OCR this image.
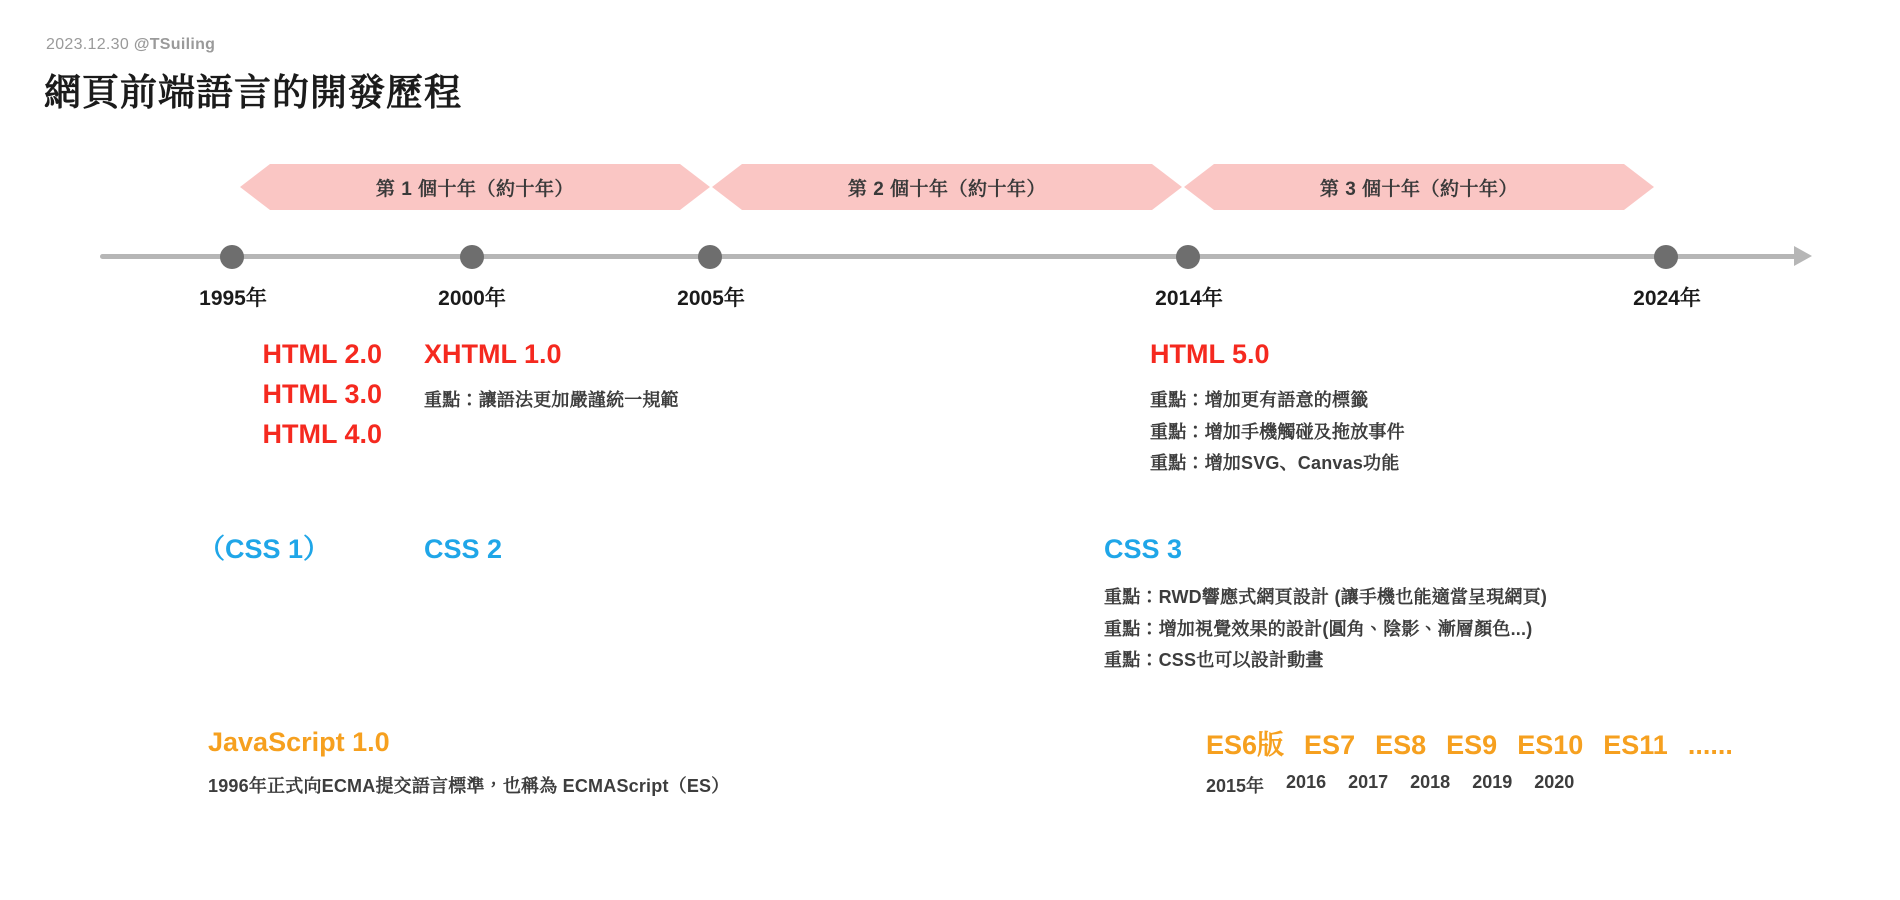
2023.12.30 @TSuiling
網頁前端語言的開發歷程
第 1 個十年（約十年）	第 2 個十年（約十年）	第 3 個十年（約十年）
1995年	2000年	2005年	2014年	2024年
HTML 2.0
HTML 3.0
HTML 4.0
XHTML 1.0
重點：讓語法更加嚴謹統一規範
HTML 5.0
重點：增加更有語意的標籤
重點：增加手機觸碰及拖放事件
重點：增加SVG、Canvas功能
（CSS 1）	CSS 2	CSS 3
重點：RWD響應式網頁設計 (讓手機也能適當呈現網頁)
重點：增加視覺效果的設計(圓角、陰影、漸層顏色...)
重點：CSS也可以設計動畫
JavaScript 1.0
1996年正式向ECMA提交語言標準，也稱為 ECMAScript（ES）
ES6版 ES7 ES8 ES9 ES10 ES11 ......
2015年 2016 2017 2018 2019 2020
